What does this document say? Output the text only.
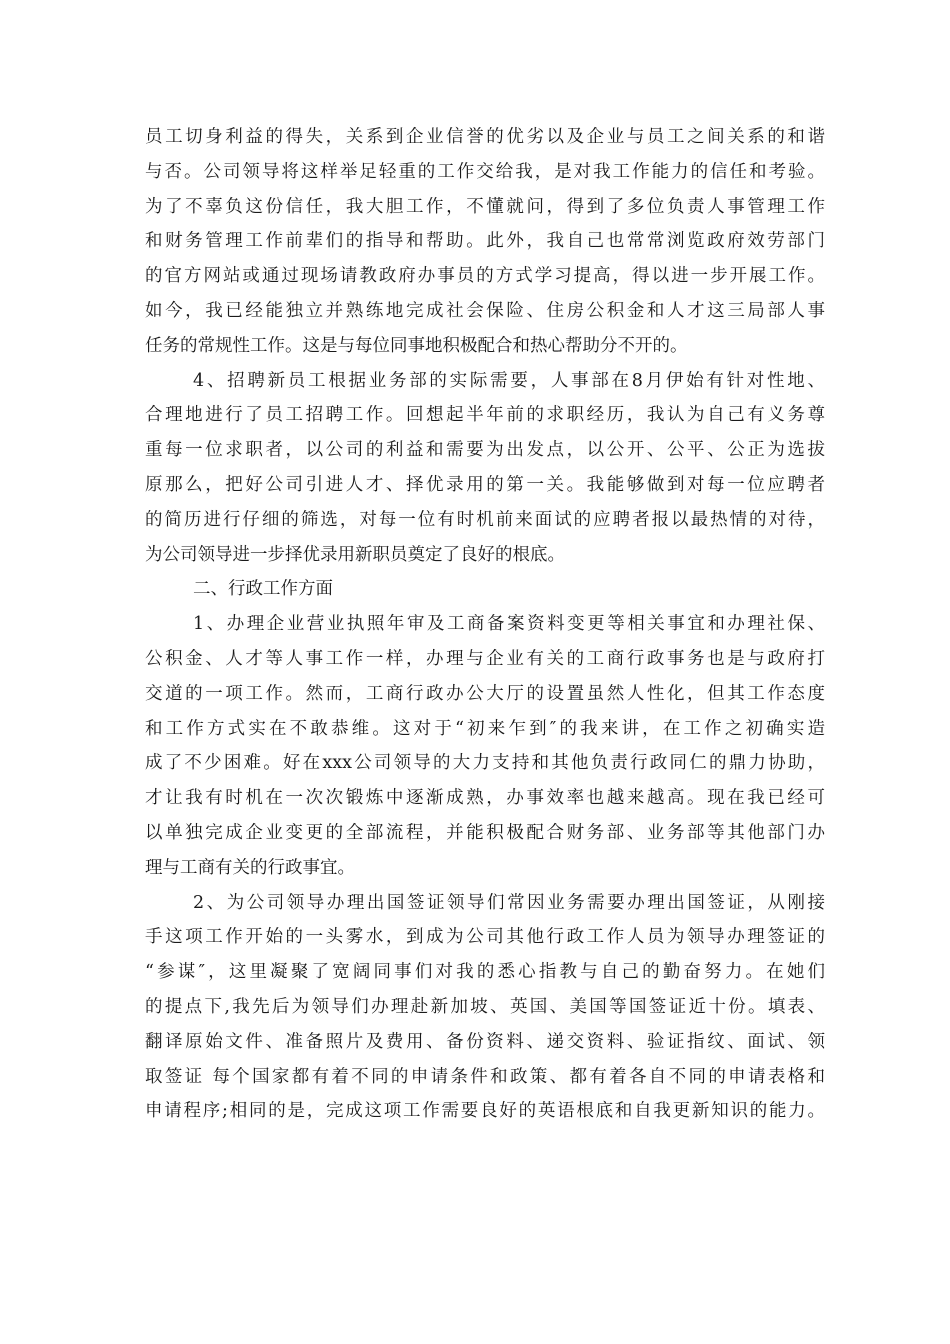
员工切身利益的得失，关系到企业信誉的优劣以及企业与员工之间关系的和谐
与否。公司领导将这样举足轻重的工作交给我，是对我工作能力的信任和考验。
为了不辜负这份信任，我大胆工作，不懂就问，得到了多位负责人事管理工作
和财务管理工作前辈们的指导和帮助。此外，我自己也常常浏览政府效劳部门
的官方网站或通过现场请教政府办事员的方式学习提高，得以进一步开展工作。
如今，我已经能独立并熟练地完成社会保险、住房公积金和人才这三局部人事
任务的常规性工作。这是与每位同事地积极配合和热心帮助分不开的。
4、招聘新员工根据业务部的实际需要，人事部在8月伊始有针对性地、
合理地进行了员工招聘工作。回想起半年前的求职经历，我认为自己有义务尊
重每一位求职者，以公司的利益和需要为出发点，以公开、公平、公正为选拔
原那么，把好公司引进人才、择优录用的第一关。我能够做到对每一位应聘者
的简历进行仔细的筛选，对每一位有时机前来面试的应聘者报以最热情的对待，
为公司领导进一步择优录用新职员奠定了良好的根底。
二、行政工作方面
1、办理企业营业执照年审及工商备案资料变更等相关事宜和办理社保、
公积金、人才等人事工作一样，办理与企业有关的工商行政事务也是与政府打
交道的一项工作。然而，工商行政办公大厅的设置虽然人性化，但其工作态度
和工作方式实在不敢恭维。这对于“初来乍到″的我来讲，在工作之初确实造
成了不少困难。好在xxx公司领导的大力支持和其他负责行政同仁的鼎力协助，
才让我有时机在一次次锻炼中逐渐成熟，办事效率也越来越高。现在我已经可
以单独完成企业变更的全部流程，并能积极配合财务部、业务部等其他部门办
理与工商有关的行政事宜。
2、为公司领导办理出国签证领导们常因业务需要办理出国签证，从刚接
手这项工作开始的一头雾水，到成为公司其他行政工作人员为领导办理签证的
“参谋″，这里凝聚了宽阔同事们对我的悉心指教与自己的勤奋努力。在她们
的提点下,我先后为领导们办理赴新加坡、英国、美国等国签证近十份。填表、
翻译原始文件、准备照片及费用、备份资料、递交资料、验证指纹、面试、领
取签证 每个国家都有着不同的申请条件和政策、都有着各自不同的申请表格和
申请程序;相同的是，完成这项工作需要良好的英语根底和自我更新知识的能力。
